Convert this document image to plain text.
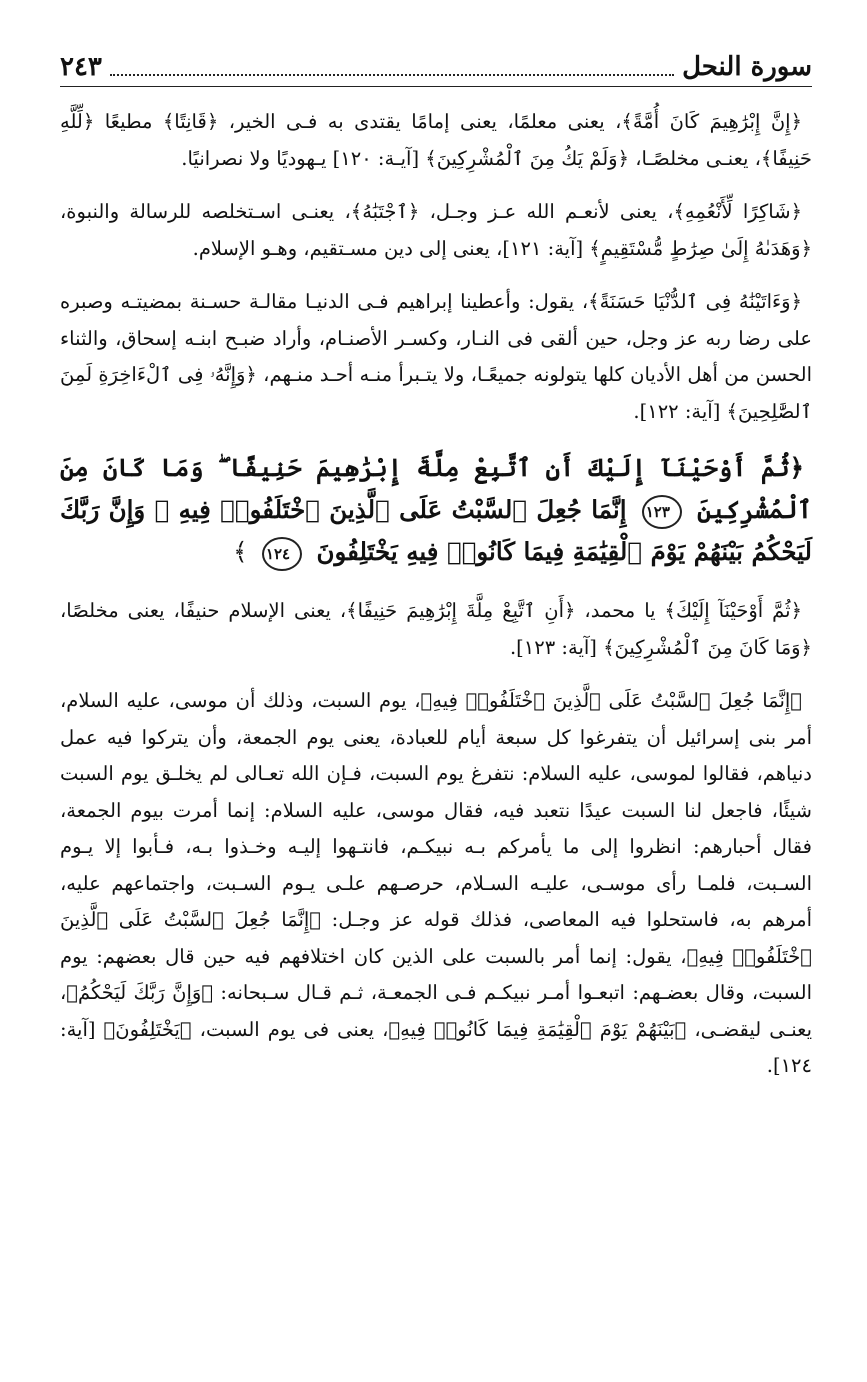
سورة النحل
٢٤٣

﴿إِنَّ إِبْرَٰهِيمَ كَانَ أُمَّةً﴾، يعنى معلمًا، يعنى إمامًا يقتدى به فـى الخير، ﴿قَانِتًا﴾ مطيعًا ﴿لِّلَّهِ حَنِيفًا﴾، يعنـى مخلصًـا، ﴿وَلَمْ يَكُ مِنَ ٱلْمُشْرِكِينَ﴾ [آيـة: ١٢٠] يـهوديًا ولا نصرانيًا.

﴿شَاكِرًا لِّأَنْعُمِهِ﴾، يعنى لأنعـم الله عـز وجـل، ﴿ٱجْتَبَٰهُ﴾، يعنـى اسـتخلصه للرسالة والنبوة، ﴿وَهَدَىٰهُ إِلَىٰ صِرَٰطٍ مُّسْتَقِيمٍ﴾ [آية: ١٢١]، يعنى إلى دين مسـتقيم، وهـو الإسلام.

﴿وَءَاتَيْنَٰهُ فِى ٱلدُّنْيَا حَسَنَةً﴾، يقول: وأعطينا إبراهيم فـى الدنيـا مقالـة حسـنة بمضيتـه وصبره على رضا ربه عز وجل، حين ألقى فى النـار، وكسـر الأصنـام، وأراد ضبـح ابنـه إسحاق، والثناء الحسن من أهل الأديان كلها يتولونه جميعًـا، ولا يتـبرأ منـه أحـد منـهم، ﴿وَإِنَّهُۥ فِى ٱلْءَاخِرَةِ لَمِنَ ٱلصَّٰلِحِينَ﴾ [آية: ١٢٢].

﴿ثُمَّ أَوْحَيْنَآ إِلَيْكَ أَنِ ٱتَّبِعْ مِلَّةَ إِبْرَٰهِيمَ حَنِيفًا ۖ وَمَا كَانَ مِنَ ٱلْمُشْرِكِينَ ١٢٣ إِنَّمَا جُعِلَ ٱلسَّبْتُ عَلَى ٱلَّذِينَ ٱخْتَلَفُوا۟ فِيهِ ۚ وَإِنَّ رَبَّكَ لَيَحْكُمُ بَيْنَهُمْ يَوْمَ ٱلْقِيَٰمَةِ فِيمَا كَانُوا۟ فِيهِ يَخْتَلِفُونَ ١٢٤ ﴾

﴿ثُمَّ أَوْحَيْنَآ إِلَيْكَ﴾ يا محمد، ﴿أَنِ ٱتَّبِعْ مِلَّةَ إِبْرَٰهِيمَ حَنِيفًا﴾، يعنى الإسلام حنيفًا، يعنى مخلصًا، ﴿وَمَا كَانَ مِنَ ٱلْمُشْرِكِينَ﴾ [آية: ١٢٣].

﴿إِنَّمَا جُعِلَ ٱلسَّبْتُ عَلَى ٱلَّذِينَ ٱخْتَلَفُوا۟ فِيهِ﴾، يوم السبت، وذلك أن موسى، عليه السلام، أمر بنى إسرائيل أن يتفرغوا كل سبعة أيام للعبادة، يعنى يوم الجمعة، وأن يتركوا فيه عمل دنياهم، فقالوا لموسى، عليه السلام: نتفرغ يوم السبت، فـإن الله تعـالى لم يخلـق يوم السبت شيئًا، فاجعل لنا السبت عيدًا نتعبد فيه، فقال موسى، عليه السلام: إنما أمرت بيوم الجمعة، فقال أحبارهم: انظروا إلى ما يأمركم بـه نبيكـم، فانتـهوا إليـه وخـذوا بـه، فـأبوا إلا يـوم السـبت، فلمـا رأى موسـى، عليـه السـلام، حرصـهم علـى يـوم السـبت، واجتماعهم عليه، أمرهم به، فاستحلوا فيه المعاصى، فذلك قوله عز وجـل: ﴿إِنَّمَا جُعِلَ ٱلسَّبْتُ عَلَى ٱلَّذِينَ ٱخْتَلَفُوا۟ فِيهِ﴾، يقول: إنما أمر بالسبت على الذين كان اختلافهم فيه حين قال بعضهم: يوم السبت، وقال بعضـهم: اتبعـوا أمـر نبيكـم فـى الجمعـة، ثـم قـال سـبحانه: ﴿وَإِنَّ رَبَّكَ لَيَحْكُمُ﴾، يعنـى ليقضـى، ﴿بَيْنَهُمْ يَوْمَ ٱلْقِيَٰمَةِ فِيمَا كَانُوا۟ فِيهِ﴾، يعنى فى يوم السبت، ﴿يَخْتَلِفُونَ﴾ [آية: ١٢٤].
